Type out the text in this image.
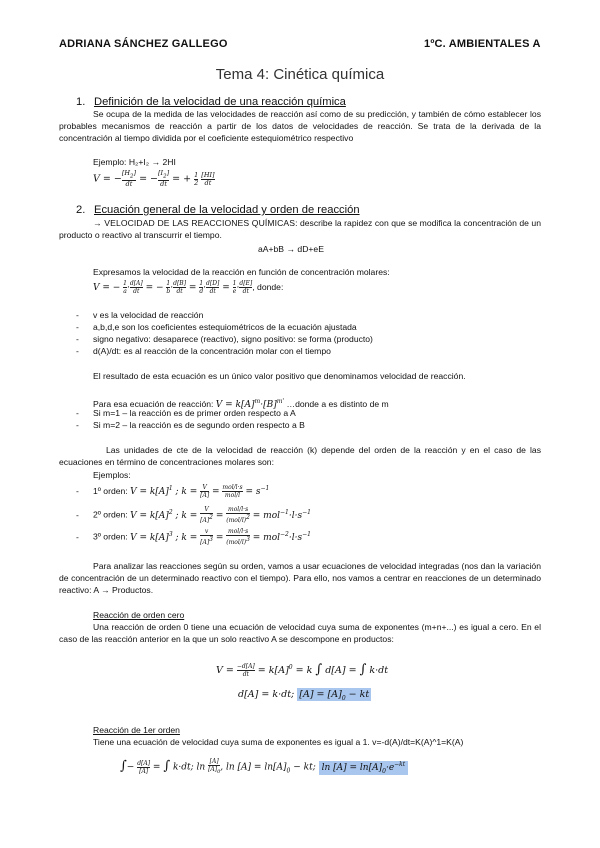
ADRIANA SÁNCHEZ GALLEGO	1ºC. AMBIENTALES A
Tema 4: Cinética química
1. Definición de la velocidad de una reacción química
Se ocupa de la medida de las velocidades de reacción así como de su predicción, y también de cómo establecer los probables mecanismos de reacción a partir de los datos de velocidades de reacción. Se trata de la derivada de la concentración al tiempo dividida por el coeficiente estequiométrico respectivo
Ejemplo: H₂+I₂ → 2HI
V = −
$[H_2]$
dt = −
$[I_2]$
dt = + 1
2
[HI]
dt
2. Ecuación general de la velocidad y orden de reacción
→ VELOCIDAD DE LAS REACCIONES QUÍMICAS: describe la rapidez con que se modifica la concentración de un producto o reactivo al transcurrir el tiempo.
aA+bB → dD+eE
Expresamos la velocidad de la reacción en función de concentración molares:
V = − 1
a· d[A]
dt = − 1
b· d[B]
dt = 1
d· d[D]
dt = 1
e· d[E]
dt , donde:
- v es la velocidad de reacción
- a,b,d,e son los coeficientes estequiométricos de la ecuación ajustada
- signo negativo: desaparece (reactivo), signo positivo: se forma (producto)
- d(A)/dt: es al reacción de la concentración molar con el tiempo
El resultado de esta ecuación es un único valor positivo que denominamos velocidad de reacción.
Para esa ecuación de reacción: $V = k[A]^m\cdot[B]^{m'}$ …donde a es distinto de m
- Si m=1 – la reacción es de primer orden respecto a A
- Si m=2 – la reacción es de segundo orden respecto a B
Las unidades de cte de la velocidad de reacción (k) depende del orden de la reacción y en el caso de las ecuaciones en término de concentraciones molares son:
Ejemplos:
- 1º orden: $V = k[A]^1$ ; k = V
[A] = mol/l·s
$mol/l = s^{-1}$
- 2º orden: $V = k[A]^2$ ; k =
V
$[A]^2$ =
mol/l·s
$(mol/l)^2 = mol^{-1}\cdot l\cdot s^{-1}$
- 3º orden: $V = k[A]^3$ ; k =
v
$[A]^3$ =
mol/l·s
$(mol/l)^3 = mol^{-2}\cdot l\cdot s^{-1}$
Para analizar las reacciones según su orden, vamos a usar ecuaciones de velocidad integradas (nos dan la variación de concentración de un determinado reactivo con el tiempo). Para ello, nos vamos a centrar en reacciones de un determinado reactivo: A → Productos.
Reacción de orden cero
Una reacción de orden 0 tiene una ecuación de velocidad cuya suma de exponentes (m+n+...) es igual a cero. En el caso de las reacción anterior en la que un solo reactivo A se descompone en productos:
V = −d[A]
dt = $k[A]^0 = k$ ∫ d[A] = ∫ k·dt
d[A] = k·dt; $[A] = [A]_0$ − kt
Reacción de 1er orden
Tiene una ecuación de velocidad cuya suma de exponentes es igual a 1. v=-d(A)/dt=K(A)^1=K(A)
∫− d[A]
[A] = ∫ k·dt; ln
[A]
$[A]_0$, $\ln [A] = \ln[A]_0$ − kt; $\ln [A] = \ln[A]_0\cdot e^{-kt}$
